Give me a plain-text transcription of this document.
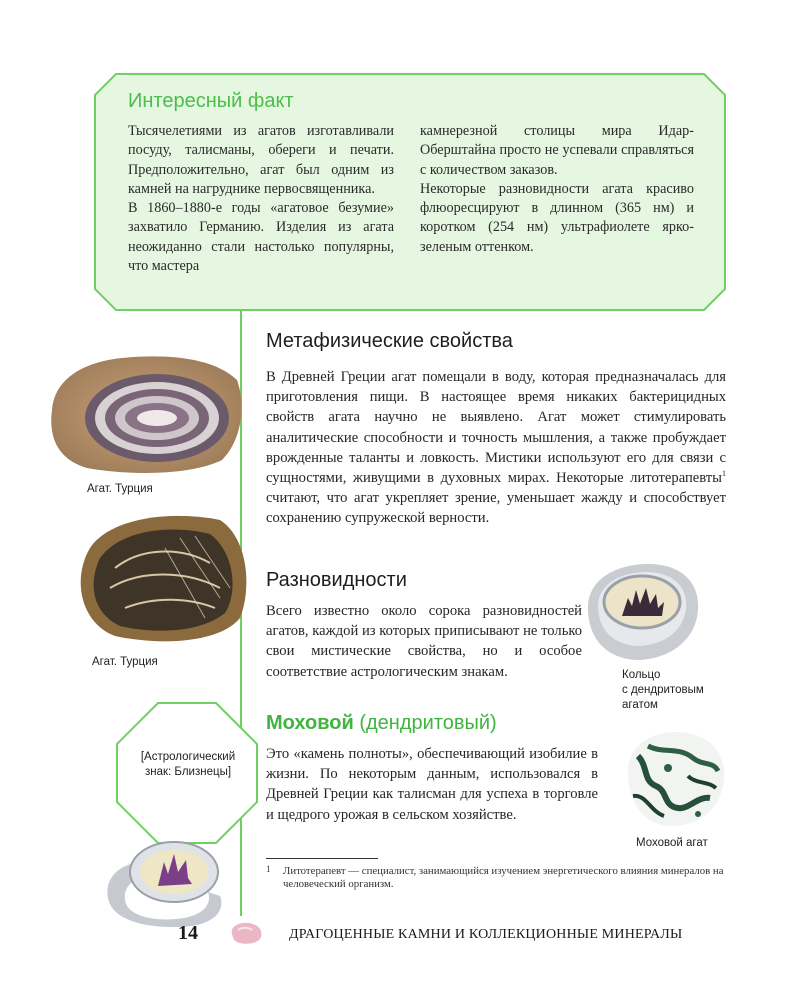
Интересный факт

Тысячелетиями из агатов изготавливали посуду, талисманы, обереги и печати. Предположительно, агат был одним из камней на нагруднике первосвященника.

В 1860–1880-е годы «агатовое безумие» захватило Германию. Изделия из агата неожиданно стали настолько популярны, что мастера

камнерезной столицы мира Идар-Оберштайна просто не успевали справляться с количеством заказов.

Некоторые разновидности агата красиво флюоресцируют в длинном (365 нм) и коротком (254 нм) ультрафиолете ярко-зеленым оттенком.

Агат. Турция
Агат. Турция
Метафизические свойства

В Древней Греции агат помещали в воду, которая предназначалась для приготовления пищи. В настоящее время никаких бактерицидных свойств агата научно не выявлено. Агат может стимулировать аналитические способности и точность мышления, а также пробуждает врожденные таланты и ловкость. Мистики используют его для связи с сущностями, живущими в духовных мирах. Некоторые литотерапевты$^1$ считают, что агат укрепляет зрение, уменьшает жажду и способствует сохранению супружеской верности.

Разновидности

Всего известно около сорока разновидностей агатов, каждой из которых приписывают не только свои мистические свойства, но и особое соответствие астрологическим знакам.	Кольцо
с дендритовым
агатом
Моховой (дендритовый)

Это «камень полноты», обеспечивающий изобилие в жизни. По некоторым данным, использовался в Древней Греции как талисман для успеха в торговле и щедрого урожая в сельском хозяйстве.

Моховой агат
[Астрологический
знак: Близнецы]
1	Литотерапевт — специалист, занимающийся изучением энергетического влияния минералов на человеческий организм.
14	ДРАГОЦЕННЫЕ КАМНИ И КОЛЛЕКЦИОННЫЕ МИНЕРАЛЫ
